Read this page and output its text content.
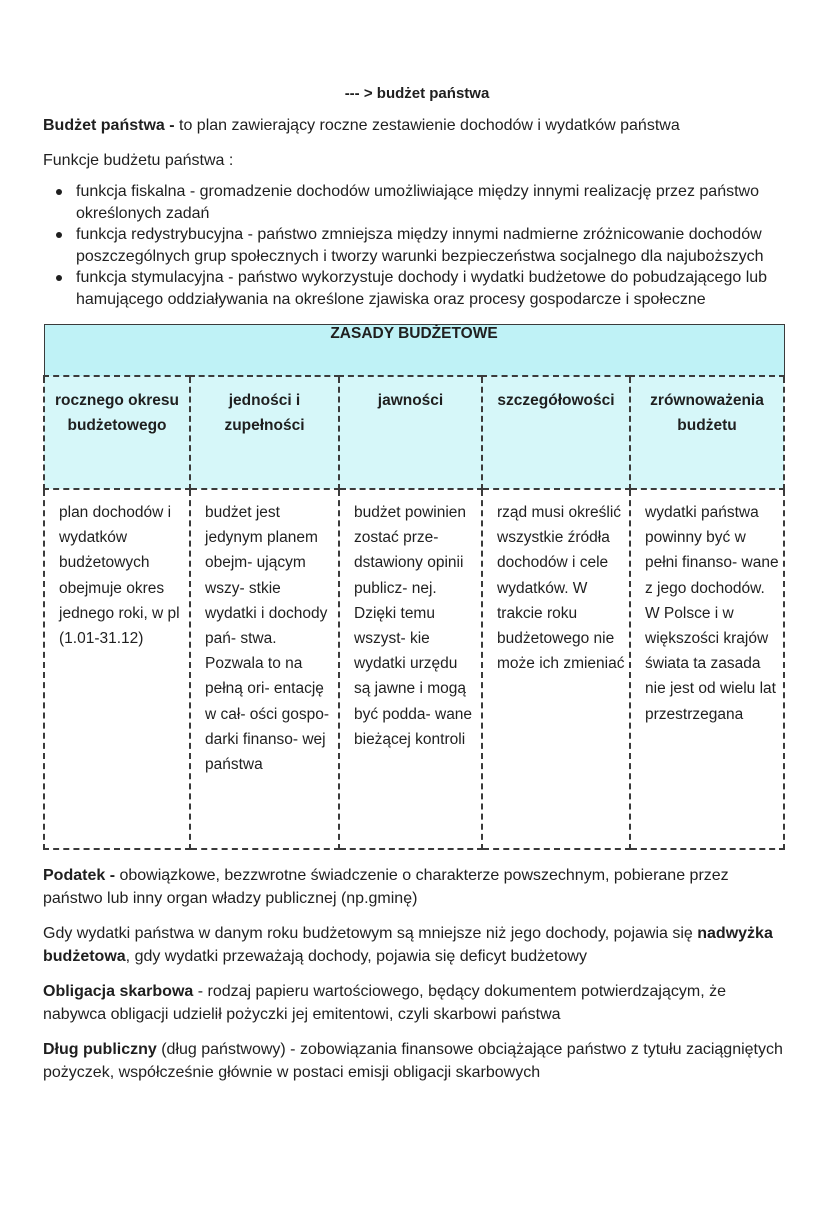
--- > budżet państwa

Budżet państwa - to plan zawierający roczne zestawienie dochodów i wydatków państwa

Funkcje budżetu państwa :

funkcja fiskalna - gromadzenie dochodów umożliwiające między innymi realizację przez państwo określonych zadań
funkcja redystrybucyjna - państwo zmniejsza między innymi nadmierne zróżnicowanie dochodów poszczególnych grup społecznych i tworzy warunki bezpieczeństwa socjalnego dla najuboższych
funkcja stymulacyjna - państwo wykorzystuje dochody i wydatki budżetowe do pobudzającego lub hamującego oddziaływania na określone zjawiska oraz procesy gospodarcze i społeczne
ZASADY BUDŻETOWE				
rocznego okresu budżetowego	jedności i zupełności	jawności	szczegółowości	zrównoważenia budżetu
plan dochodów i wydatków budżetowych obejmuje okres jednego roki, w pl (1.01-31.12)	budżet jest jedynym planem obejm- ującym wszy- stkie wydatki i dochody pań- stwa. Pozwala to na pełną ori- entację w cał- ości gospo- darki finanso- wej państwa	budżet powinien zostać prze- dstawiony opinii publicz- nej. Dzięki temu wszyst- kie wydatki urzędu są jawne i mogą być podda- wane bieżącej kontroli	rząd musi określić wszystkie źródła dochodów i cele wydatków. W trakcie roku budżetowego nie może ich zmieniać	wydatki państwa powinny być w pełni finanso- wane z jego dochodów. W Polsce i w większości krajów świata ta zasada nie jest od wielu lat przestrzegana

Podatek - obowiązkowe, bezzwrotne świadczenie o charakterze powszechnym, pobierane przez państwo lub inny organ władzy publicznej (np.gminę)

Gdy wydatki państwa w danym roku budżetowym są mniejsze niż jego dochody, pojawia się nadwyżka budżetowa, gdy wydatki przeważają dochody, pojawia się deficyt budżetowy

Obligacja skarbowa - rodzaj papieru wartościowego, będący dokumentem potwierdzającym, że nabywca obligacji udzielił pożyczki jej emitentowi, czyli skarbowi państwa

Dług publiczny (dług państwowy) - zobowiązania finansowe obciążające państwo z tytułu zaciągniętych pożyczek, współcześnie głównie w postaci emisji obligacji skarbowych
